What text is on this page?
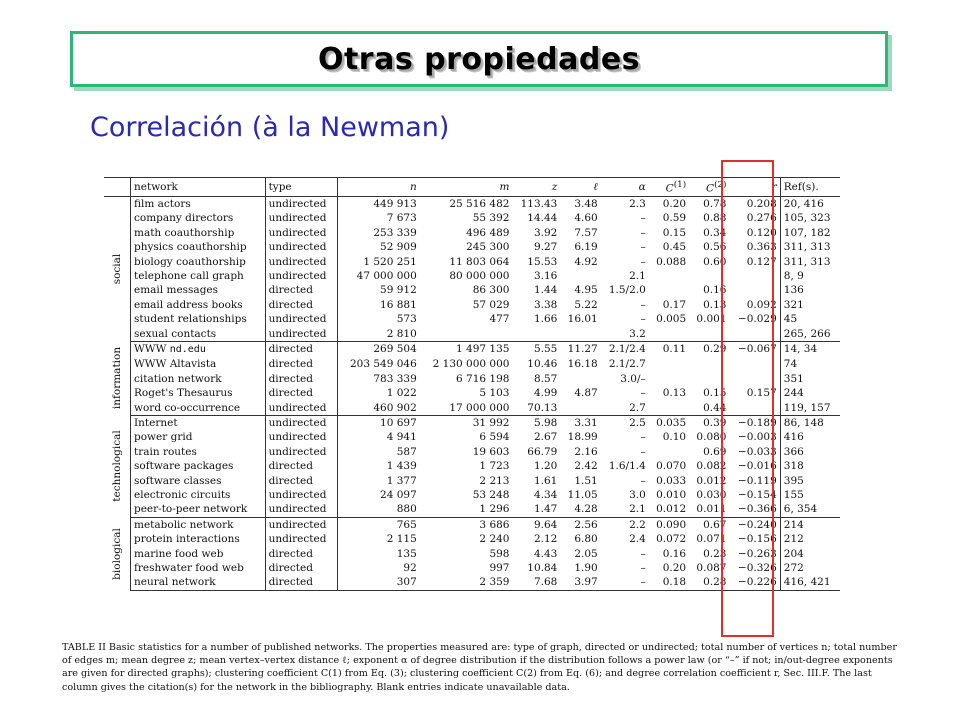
Otras propiedades
Correlación (à la Newman)
	network	type	n	m	z	ℓ	α	$C^{(1)}$	$C^{(2)}$	r	Ref(s).

social	film actors	undirected	449 913	25 516 482	113.43	3.48	2.3	0.20	0.78	0.208	20, 416
	company directors	undirected	7 673	55 392	14.44	4.60	–	0.59	0.88	0.276	105, 323
	math coauthorship	undirected	253 339	496 489	3.92	7.57	–	0.15	0.34	0.120	107, 182
	physics coauthorship	undirected	52 909	245 300	9.27	6.19	–	0.45	0.56	0.363	311, 313
	biology coauthorship	undirected	1 520 251	11 803 064	15.53	4.92	–	0.088	0.60	0.127	311, 313
	telephone call graph	undirected	47 000 000	80 000 000	3.16		2.1				8, 9
	email messages	directed	59 912	86 300	1.44	4.95	1.5/2.0		0.16		136
	email address books	directed	16 881	57 029	3.38	5.22	–	0.17	0.13	0.092	321
	student relationships	undirected	573	477	1.66	16.01	–	0.005	0.001	−0.029	45
	sexual contacts	undirected	2 810				3.2				265, 266

information	WWW nd.edu	directed	269 504	1 497 135	5.55	11.27	2.1/2.4	0.11	0.29	−0.067	14, 34
	WWW Altavista	directed	203 549 046	2 130 000 000	10.46	16.18	2.1/2.7				74
	citation network	directed	783 339	6 716 198	8.57		3.0/–				351
	Roget's Thesaurus	directed	1 022	5 103	4.99	4.87	–	0.13	0.15	0.157	244
	word co-occurrence	undirected	460 902	17 000 000	70.13		2.7		0.44		119, 157

technological	Internet	undirected	10 697	31 992	5.98	3.31	2.5	0.035	0.39	−0.189	86, 148
	power grid	undirected	4 941	6 594	2.67	18.99	–	0.10	0.080	−0.003	416
	train routes	undirected	587	19 603	66.79	2.16	–		0.69	−0.033	366
	software packages	directed	1 439	1 723	1.20	2.42	1.6/1.4	0.070	0.082	−0.016	318
	software classes	directed	1 377	2 213	1.61	1.51	–	0.033	0.012	−0.119	395
	electronic circuits	undirected	24 097	53 248	4.34	11.05	3.0	0.010	0.030	−0.154	155
	peer-to-peer network	undirected	880	1 296	1.47	4.28	2.1	0.012	0.011	−0.366	6, 354

biological	metabolic network	undirected	765	3 686	9.64	2.56	2.2	0.090	0.67	−0.240	214
	protein interactions	undirected	2 115	2 240	2.12	6.80	2.4	0.072	0.071	−0.156	212
	marine food web	directed	135	598	4.43	2.05	–	0.16	0.23	−0.263	204
	freshwater food web	directed	92	997	10.84	1.90	–	0.20	0.087	−0.326	272
	neural network	directed	307	2 359	7.68	3.97	–	0.18	0.28	−0.226	416, 421
TABLE II Basic statistics for a number of published networks. The properties measured are: type of graph, directed or undirected; total number of vertices n; total number of edges m; mean degree z; mean vertex–vertex distance ℓ; exponent α of degree distribution if the distribution follows a power law (or “–” if not; in/out-degree exponents are given for directed graphs); clustering coefficient C(1) from Eq. (3); clustering coefficient C(2) from Eq. (6); and degree correlation coefficient r, Sec. III.F. The last column gives the citation(s) for the network in the bibliography. Blank entries indicate unavailable data.
